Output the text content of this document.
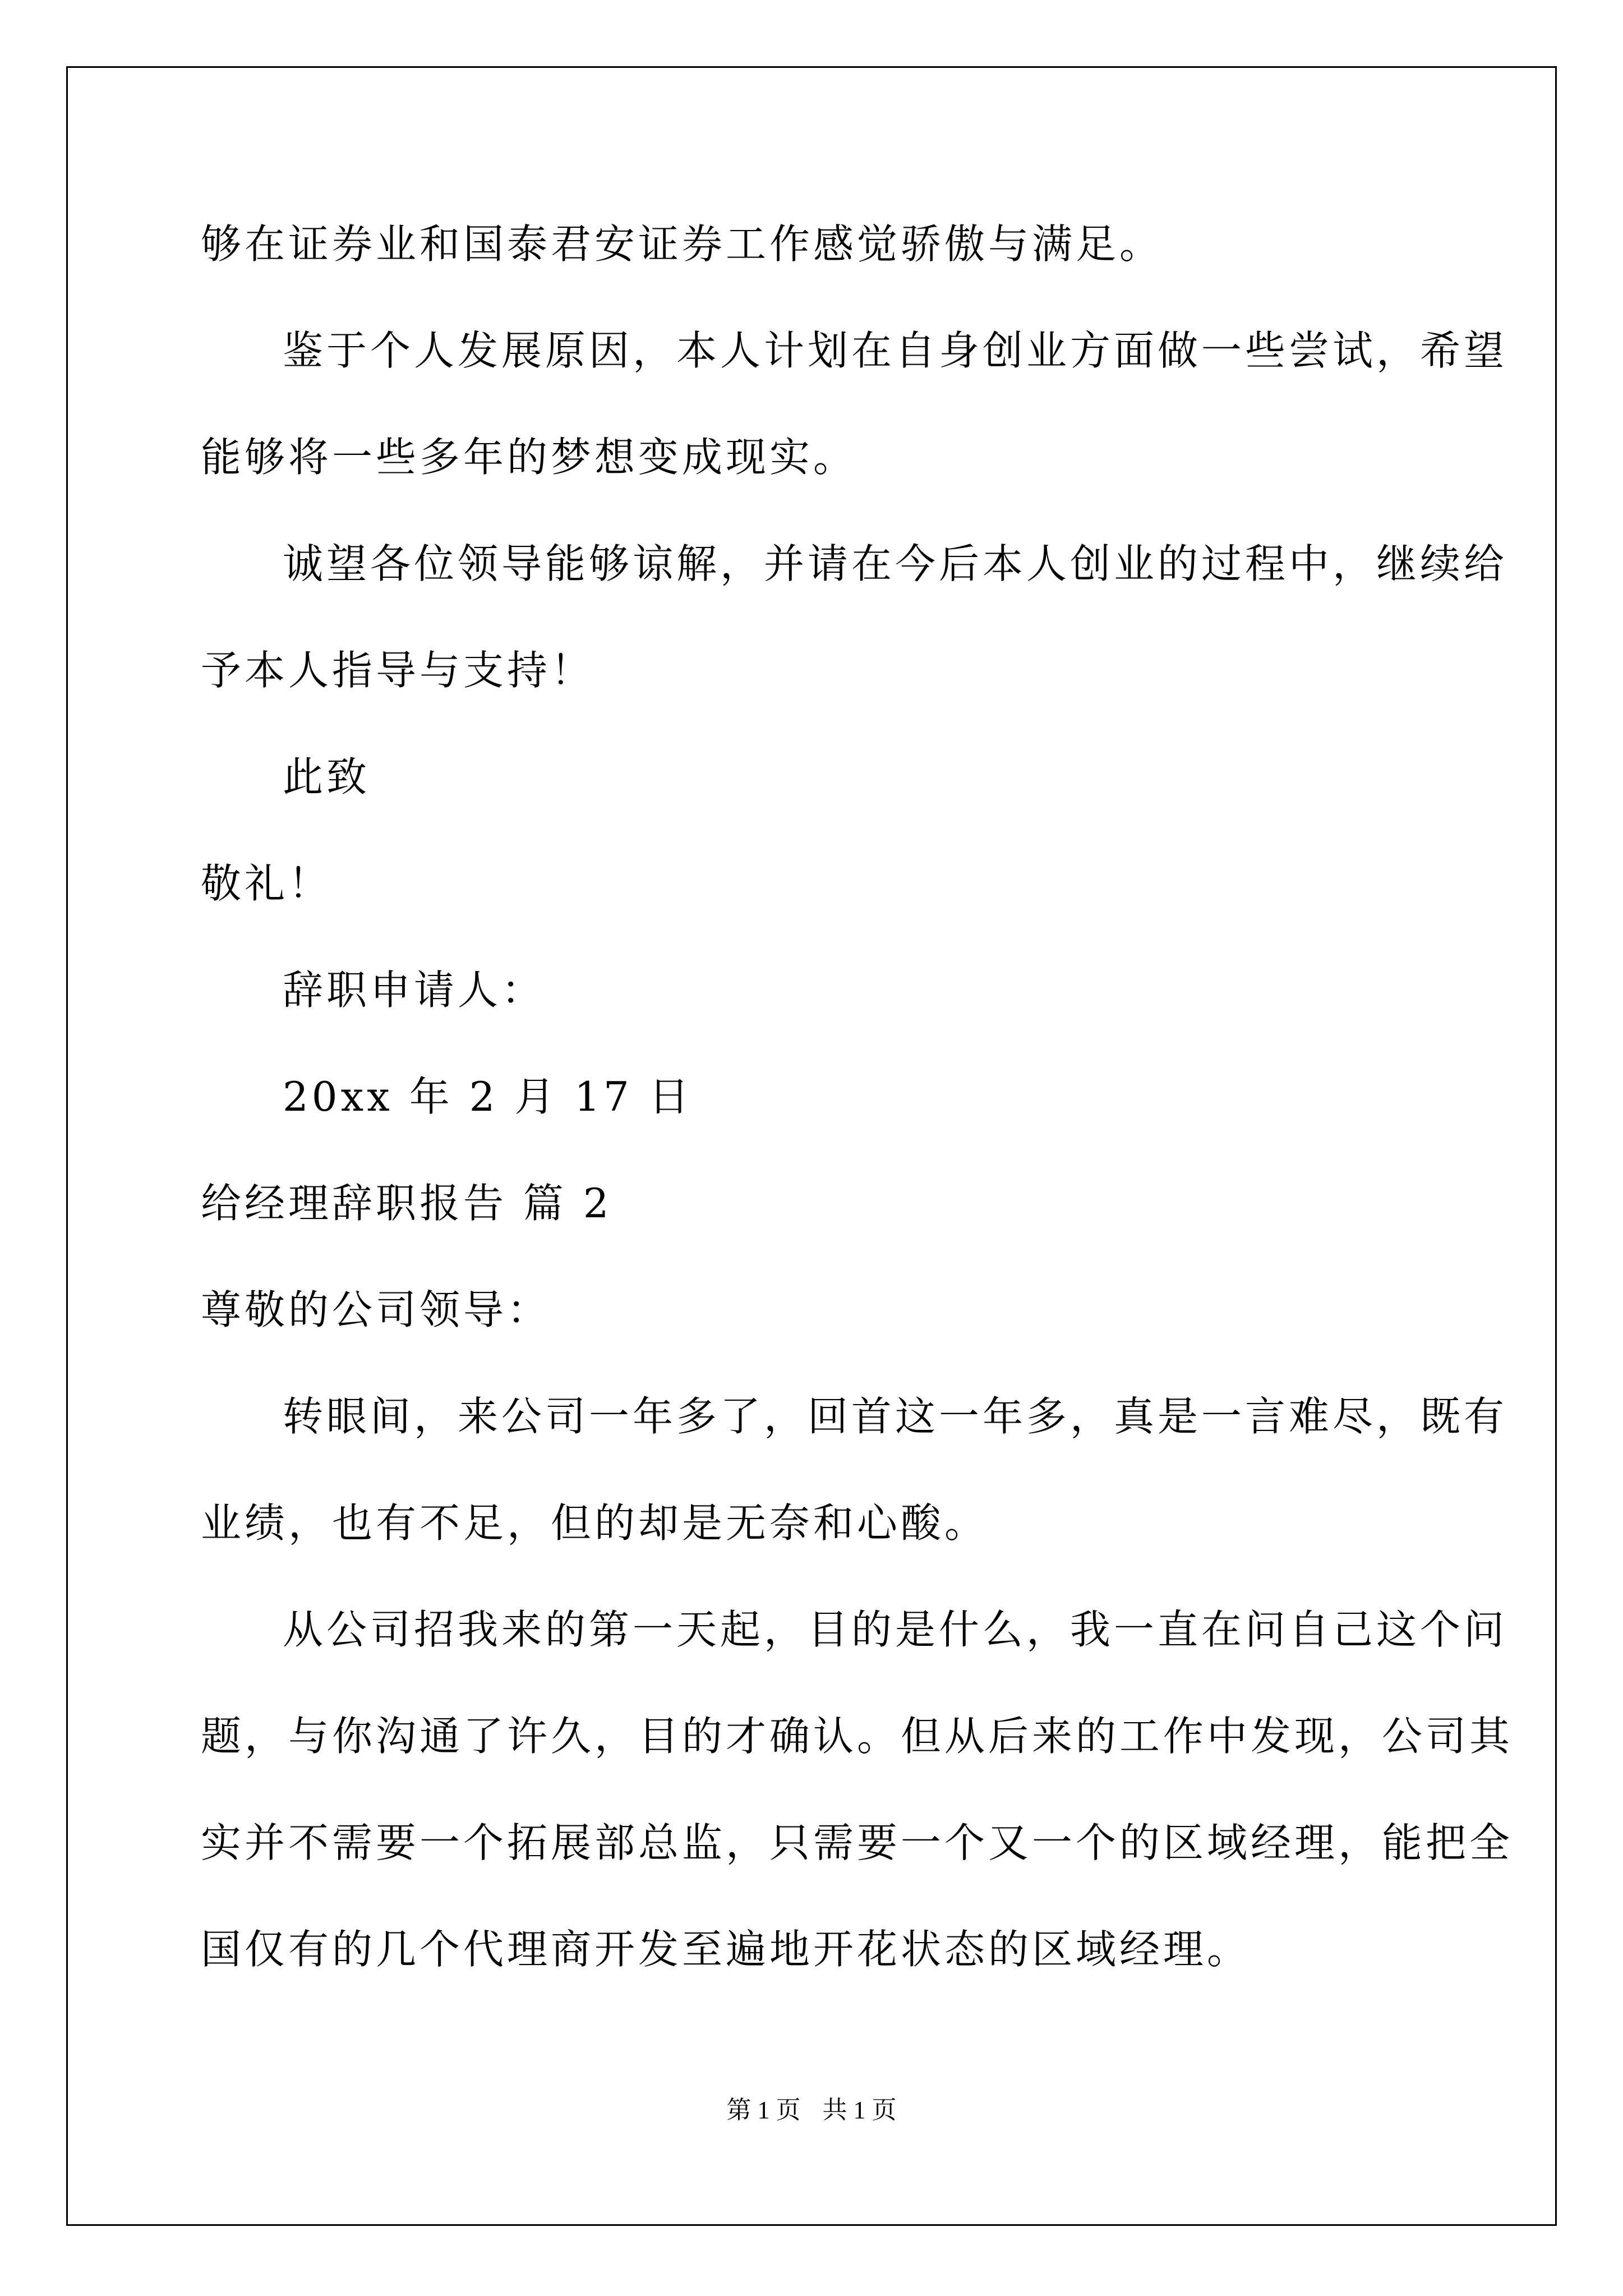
够在证券业和国泰君安证券工作感觉骄傲与满足。

鉴于个人发展原因，本人计划在自身创业方面做一些尝试，希望

能够将一些多年的梦想变成现实。

诚望各位领导能够谅解，并请在今后本人创业的过程中，继续给

予本人指导与支持！

此致

敬礼！

辞职申请人：

20xx 年 2 月 17 日

给经理辞职报告 篇 2

尊敬的公司领导：

转眼间，来公司一年多了，回首这一年多，真是一言难尽，既有

业绩，也有不足，但的却是无奈和心酸。

从公司招我来的第一天起，目的是什么，我一直在问自己这个问

题，与你沟通了许久，目的才确认。但从后来的工作中发现，公司其

实并不需要一个拓展部总监，只需要一个又一个的区域经理，能把全

国仅有的几个代理商开发至遍地开花状态的区域经理。

第 1 页 共 1 页
